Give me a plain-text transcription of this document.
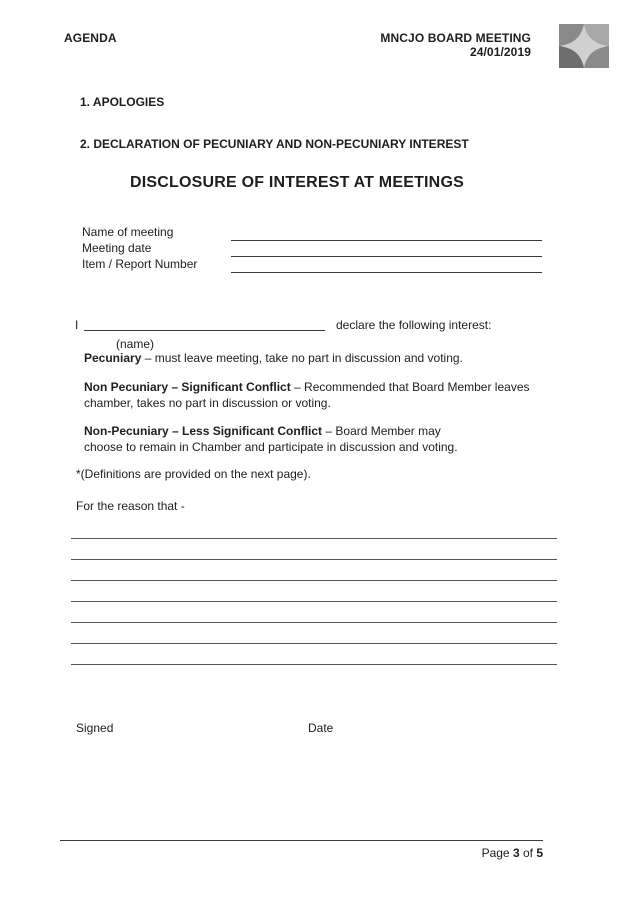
AGENDA	MNCJO BOARD MEETING
24/01/2019
1. APOLOGIES
2. DECLARATION OF PECUNIARY AND NON-PECUNIARY INTEREST
DISCLOSURE OF INTEREST AT MEETINGS
Name of meeting
Meeting date
Item / Report Number
I	declare the following interest:
(name)
Pecuniary – must leave meeting, take no part in discussion and voting.
Non Pecuniary – Significant Conflict – Recommended that Board Member leaves
chamber, takes no part in discussion or voting.
Non-Pecuniary – Less Significant Conflict – Board Member may
choose to remain in Chamber and participate in discussion and voting.
*(Definitions are provided on the next page).
For the reason that -
Signed	Date
Page 3 of 5
